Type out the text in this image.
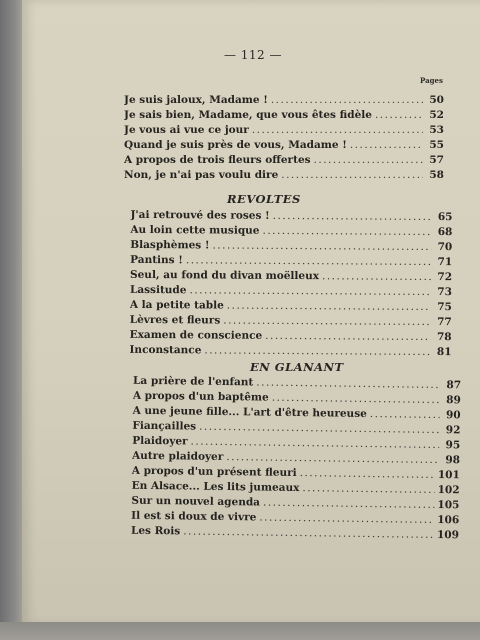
— 112 —
Pages
Je suis jaloux, Madame ! .....	50
Je sais bien, Madame, que vous êtes fidèle .....	52
Je vous ai vue ce jour .....	53
Quand je suis près de vous, Madame ! .....	55
A propos de trois fleurs offertes .....	57
Non, je n'ai pas voulu dire .....	58
REVOLTES
J'ai retrouvé des roses ! .....	65
Au loin cette musique .....	68
Blasphèmes ! .....	70
Pantins ! .....	71
Seul, au fond du divan moëlleux .....	72
Lassitude .....	73
A la petite table .....	75
Lèvres et fleurs .....	77
Examen de conscience .....	78
Inconstance .....	81
EN GLANANT
La prière de l'enfant .....	87
A propos d'un baptême .....	89
A une jeune fille... L'art d'être heureuse .....	90
Fiançailles .....	92
Plaidoyer .....	95
Autre plaidoyer .....	98
A propos d'un présent fleuri .....	101
En Alsace... Les lits jumeaux .....	102
Sur un nouvel agenda .....	105
Il est si doux de vivre .....	106
Les Rois .....	109
